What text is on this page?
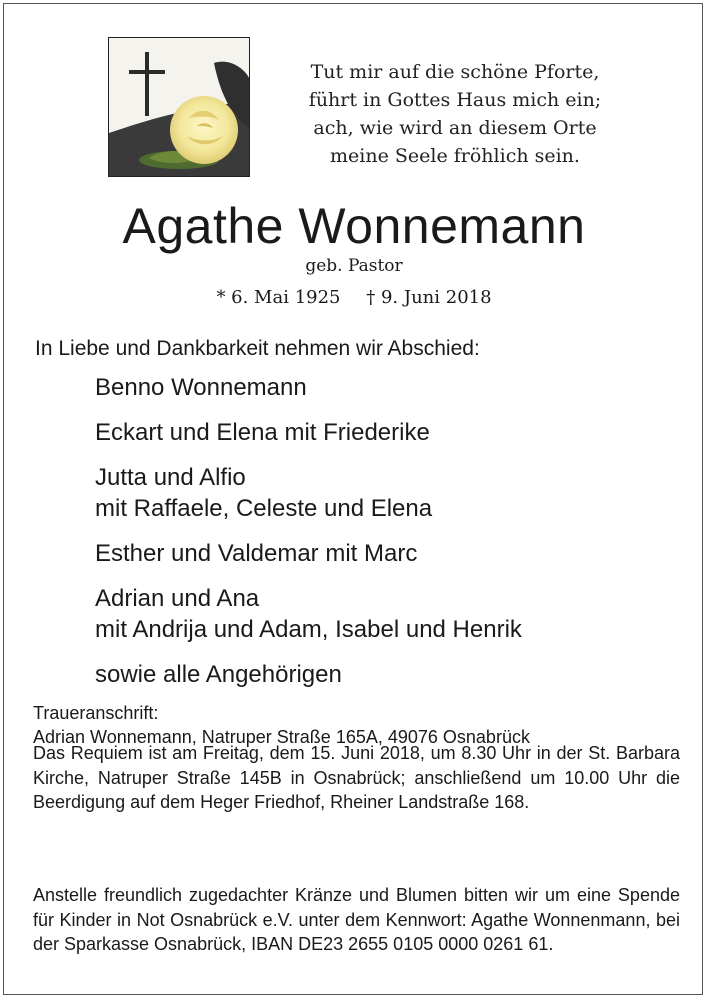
Tut mir auf die schöne Pforte,
führt in Gottes Haus mich ein;
ach, wie wird an diesem Orte
meine Seele fröhlich sein.
Agathe Wonnemann
geb. Pastor
* 6. Mai 1925 † 9. Juni 2018
In Liebe und Dankbarkeit nehmen wir Abschied:
Benno Wonnemann
Eckart und Elena mit Friederike
Jutta und Alfio
mit Raffaele, Celeste und Elena
Esther und Valdemar mit Marc
Adrian und Ana
mit Andrija und Adam, Isabel und Henrik
sowie alle Angehörigen
Traueranschrift:
Adrian Wonnemann, Natruper Straße 165A, 49076 Osnabrück
Das Requiem ist am Freitag, dem 15. Juni 2018, um 8.30 Uhr in der St. Barbara Kirche, Natruper Straße 145B in Osnabrück; anschließend um 10.00 Uhr die Beerdigung auf dem Heger Friedhof, Rheiner Landstraße 168.
Anstelle freundlich zugedachter Kränze und Blumen bitten wir um eine Spende für Kinder in Not Osnabrück e.V. unter dem Kennwort: Agathe Wonnenmann, bei der Sparkasse Osnabrück, IBAN DE23 2655 0105 0000 0261 61.
